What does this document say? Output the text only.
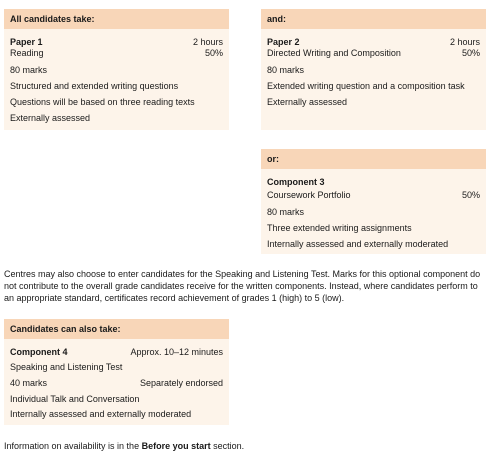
All candidates take:
Paper 1	2 hours
Reading	50%
80 marks
Structured and extended writing questions
Questions will be based on three reading texts
Externally assessed
and:
Paper 2	2 hours
Directed Writing and Composition	50%
80 marks
Extended writing question and a composition task
Externally assessed
or:
Component 3
Coursework Portfolio	50%
80 marks
Three extended writing assignments
Internally assessed and externally moderated
Centres may also choose to enter candidates for the Speaking and Listening Test. Marks for this optional component do not contribute to the overall grade candidates receive for the written components. Instead, where candidates perform to an appropriate standard, certificates record achievement of grades 1 (high) to 5 (low).
Candidates can also take:
Component 4	Approx. 10–12 minutes
Speaking and Listening Test
40 marks	Separately endorsed
Individual Talk and Conversation
Internally assessed and externally moderated
Information on availability is in the Before you start section.
